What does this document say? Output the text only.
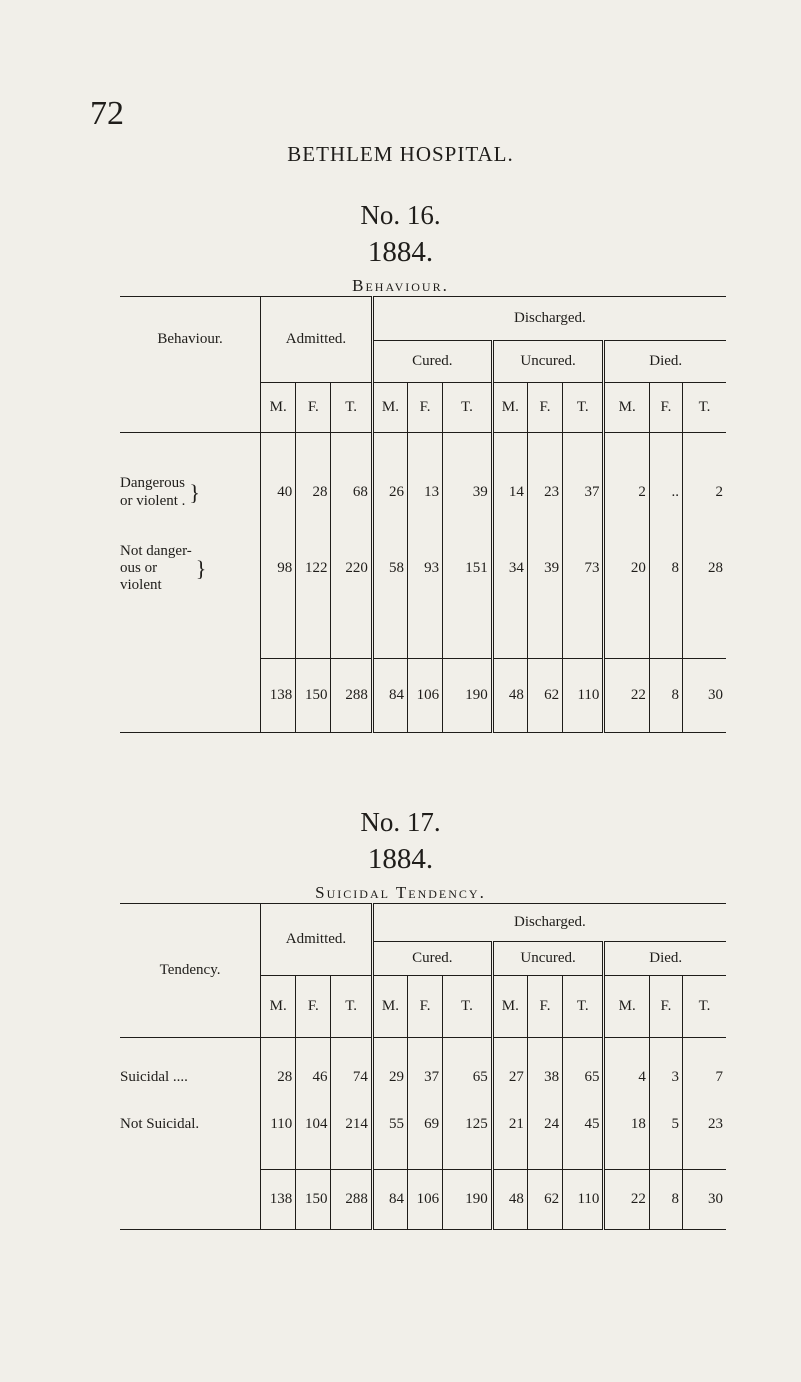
72
BETHLEM HOSPITAL.
No. 16.
1884.
Behaviour.
Behaviour.	Admitted.			Discharged.								
				Cured.			Uncured.			Died.		
	M.	F.	T.	M.	F.	T.	M.	F.	T.	M.	F.	T.

Dangerous
or violent . }	40	28	68	26	13	39	14	23	37	2	..	2
Not danger-
ous or
violent}	98	122	220	58	93	151	34	39	73	20	8	28

	138	150	288	84	106	190	48	62	110	22	8	30
No. 17.
1884.
Suicidal Tendency.
Tendency.	Admitted.			Discharged.								
				Cured.			Uncured.			Died.		
	M.	F.	T.	M.	F.	T.	M.	F.	T.	M.	F.	T.

Suicidal ....	28	46	74	29	37	65	27	38	65	4	3	7
Not Suicidal.	110	104	214	55	69	125	21	24	45	18	5	23

	138	150	288	84	106	190	48	62	110	22	8	30
